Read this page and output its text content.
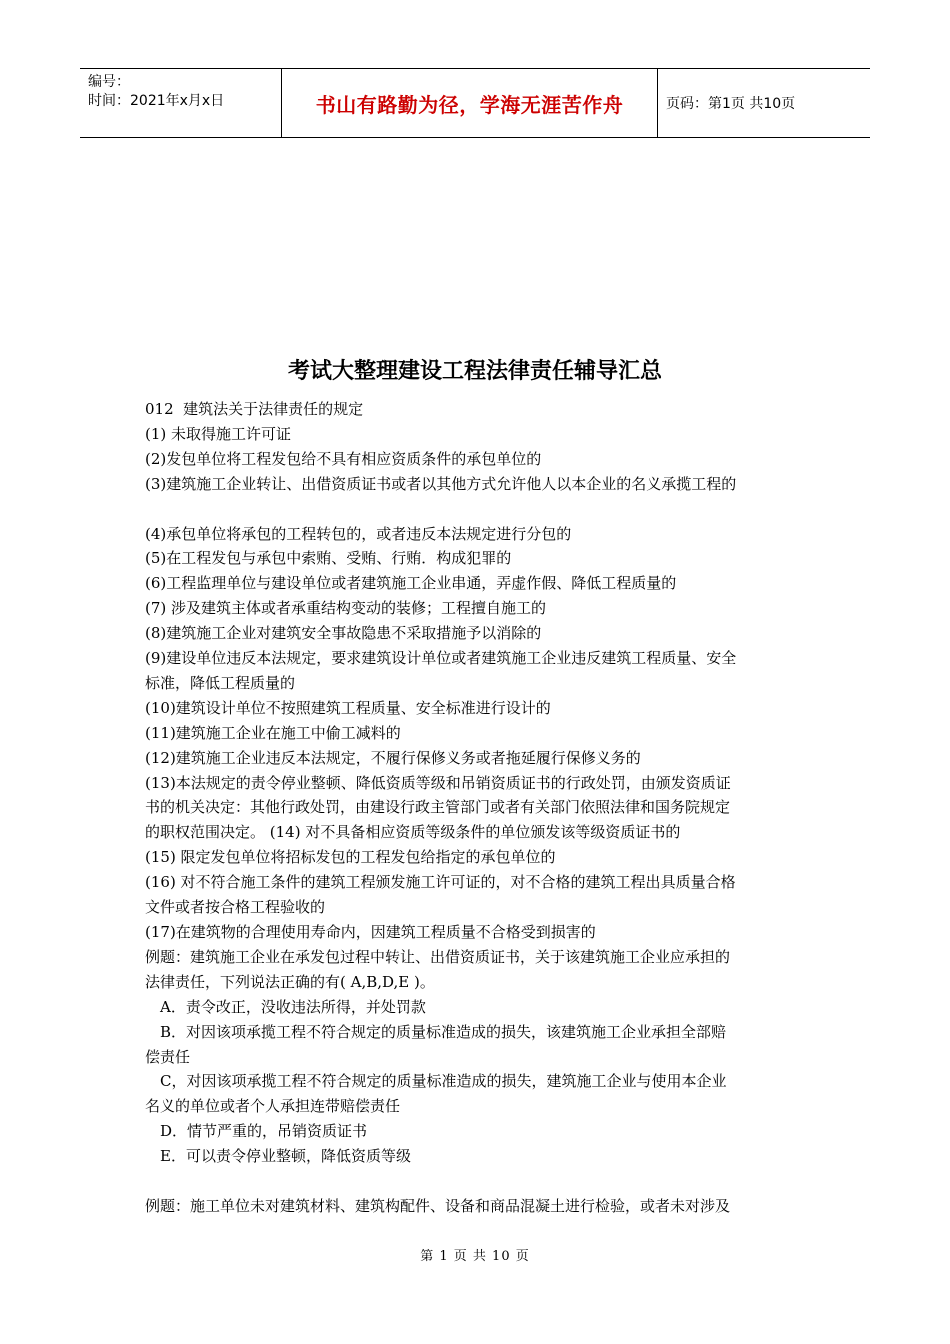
编号：
时间：2021年x月x日	书山有路勤为径，学海无涯苦作舟	页码：第1页 共10页
考试大整理建设工程法律责任辅导汇总

012  建筑法关于法律责任的规定

(1) 未取得施工许可证

(2)发包单位将工程发包给不具有相应资质条件的承包单位的

(3)建筑施工企业转让、出借资质证书或者以其他方式允许他人以本企业的名义承揽工程的

(4)承包单位将承包的工程转包的，或者违反本法规定进行分包的

(5)在工程发包与承包中索贿、受贿、行贿．构成犯罪的

(6)工程监理单位与建设单位或者建筑施工企业串通，弄虚作假、降低工程质量的

(7) 涉及建筑主体或者承重结构变动的装修；工程擅自施工的

(8)建筑施工企业对建筑安全事故隐患不采取措施予以消除的

(9)建设单位违反本法规定，要求建筑设计单位或者建筑施工企业违反建筑工程质量、安全

标准，降低工程质量的

(10)建筑设计单位不按照建筑工程质量、安全标准进行设计的

(11)建筑施工企业在施工中偷工减料的

(12)建筑施工企业违反本法规定，不履行保修义务或者拖延履行保修义务的

(13)本法规定的责令停业整顿、降低资质等级和吊销资质证书的行政处罚，由颁发资质证

书的机关决定：其他行政处罚，由建设行政主管部门或者有关部门依照法律和国务院规定

的职权范围决定。 (14) 对不具备相应资质等级条件的单位颁发该等级资质证书的

(15) 限定发包单位将招标发包的工程发包给指定的承包单位的

(16) 对不符合施工条件的建筑工程颁发施工许可证的，对不合格的建筑工程出具质量合格

文件或者按合格工程验收的

(17)在建筑物的合理使用寿命内，因建筑工程质量不合格受到损害的

例题：建筑施工企业在承发包过程中转让、出借资质证书，关于该建筑施工企业应承担的

法律责任，下列说法正确的有( A,B,D,E )。

A．责令改正，没收违法所得，并处罚款

B．对因该项承揽工程不符合规定的质量标准造成的损失，该建筑施工企业承担全部赔

偿责任

C，对因该项承揽工程不符合规定的质量标准造成的损失，建筑施工企业与使用本企业

名义的单位或者个人承担连带赔偿责任

D．情节严重的，吊销资质证书

E．可以责令停业整顿，降低资质等级

例题：施工单位未对建筑材料、建筑构配件、设备和商品混凝土进行检验，或者未对涉及

第 1 页 共 10 页
